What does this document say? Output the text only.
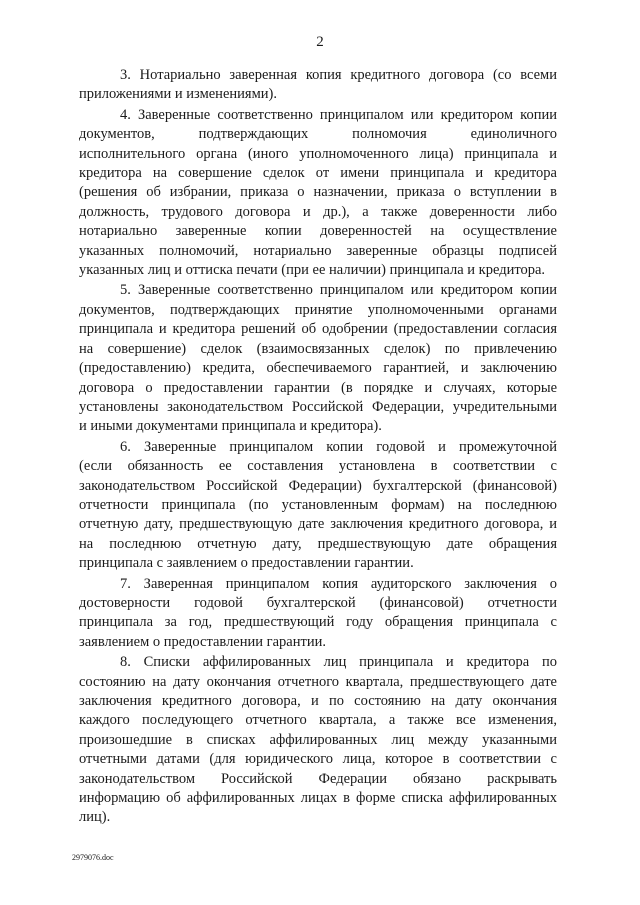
2

3. Нотариально заверенная копия кредитного договора (со всеми
приложениями и изменениями).

4. Заверенные соответственно принципалом или кредитором копии
документов, подтверждающих полномочия единоличного
исполнительного органа (иного уполномоченного лица) принципала и
кредитора на совершение сделок от имени принципала и кредитора
(решения об избрании, приказа о назначении, приказа о вступлении в
должность, трудового договора и др.), а также доверенности либо
нотариально заверенные копии доверенностей на осуществление
указанных полномочий, нотариально заверенные образцы подписей
указанных лиц и оттиска печати (при ее наличии) принципала и кредитора.

5. Заверенные соответственно принципалом или кредитором копии
документов, подтверждающих принятие уполномоченными органами
принципала и кредитора решений об одобрении (предоставлении согласия
на совершение) сделок (взаимосвязанных сделок) по привлечению
(предоставлению) кредита, обеспечиваемого гарантией, и заключению
договора о предоставлении гарантии (в порядке и случаях, которые
установлены законодательством Российской Федерации, учредительными
и иными документами принципала и кредитора).

6. Заверенные принципалом копии годовой и промежуточной
(если обязанность ее составления установлена в соответствии с
законодательством Российской Федерации) бухгалтерской (финансовой)
отчетности принципала (по установленным формам) на последнюю
отчетную дату, предшествующую дате заключения кредитного договора, и
на последнюю отчетную дату, предшествующую дате обращения
принципала с заявлением о предоставлении гарантии.

7. Заверенная принципалом копия аудиторского заключения о
достоверности годовой бухгалтерской (финансовой) отчетности
принципала за год, предшествующий году обращения принципала с
заявлением о предоставлении гарантии.

8. Списки аффилированных лиц принципала и кредитора по
состоянию на дату окончания отчетного квартала, предшествующего дате
заключения кредитного договора, и по состоянию на дату окончания
каждого последующего отчетного квартала, а также все изменения,
произошедшие в списках аффилированных лиц между указанными
отчетными датами (для юридического лица, которое в соответствии с
законодательством Российской Федерации обязано раскрывать
информацию об аффилированных лицах в форме списка аффилированных
лиц).

2979076.doc
